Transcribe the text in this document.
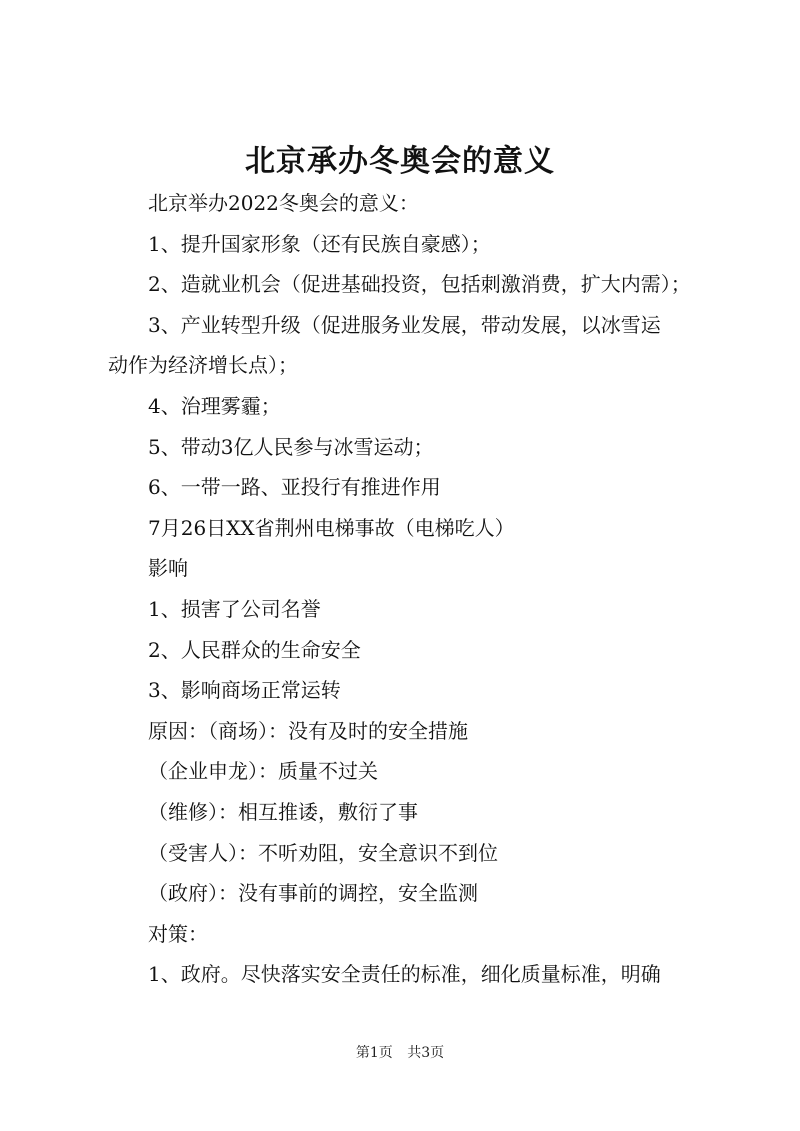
北京承办冬奥会的意义

北京举办2022冬奥会的意义：

1、提升国家形象（还有民族自豪感）；

2、造就业机会（促进基础投资，包括刺激消费，扩大内需）；

3、产业转型升级（促进服务业发展，带动发展，以冰雪运

动作为经济增长点）；

4、治理雾霾；

5、带动3亿人民参与冰雪运动；

6、一带一路、亚投行有推进作用

7月26日XX省荆州电梯事故（电梯吃人）

影响

1、损害了公司名誉

2、人民群众的生命安全

3、影响商场正常运转

原因：（商场）：没有及时的安全措施

（企业申龙）：质量不过关

（维修）：相互推诿，敷衍了事

（受害人）：不听劝阻，安全意识不到位

（政府）：没有事前的调控，安全监测

对策：

1、政府。尽快落实安全责任的标准，细化质量标准，明确

第1页 共3页
